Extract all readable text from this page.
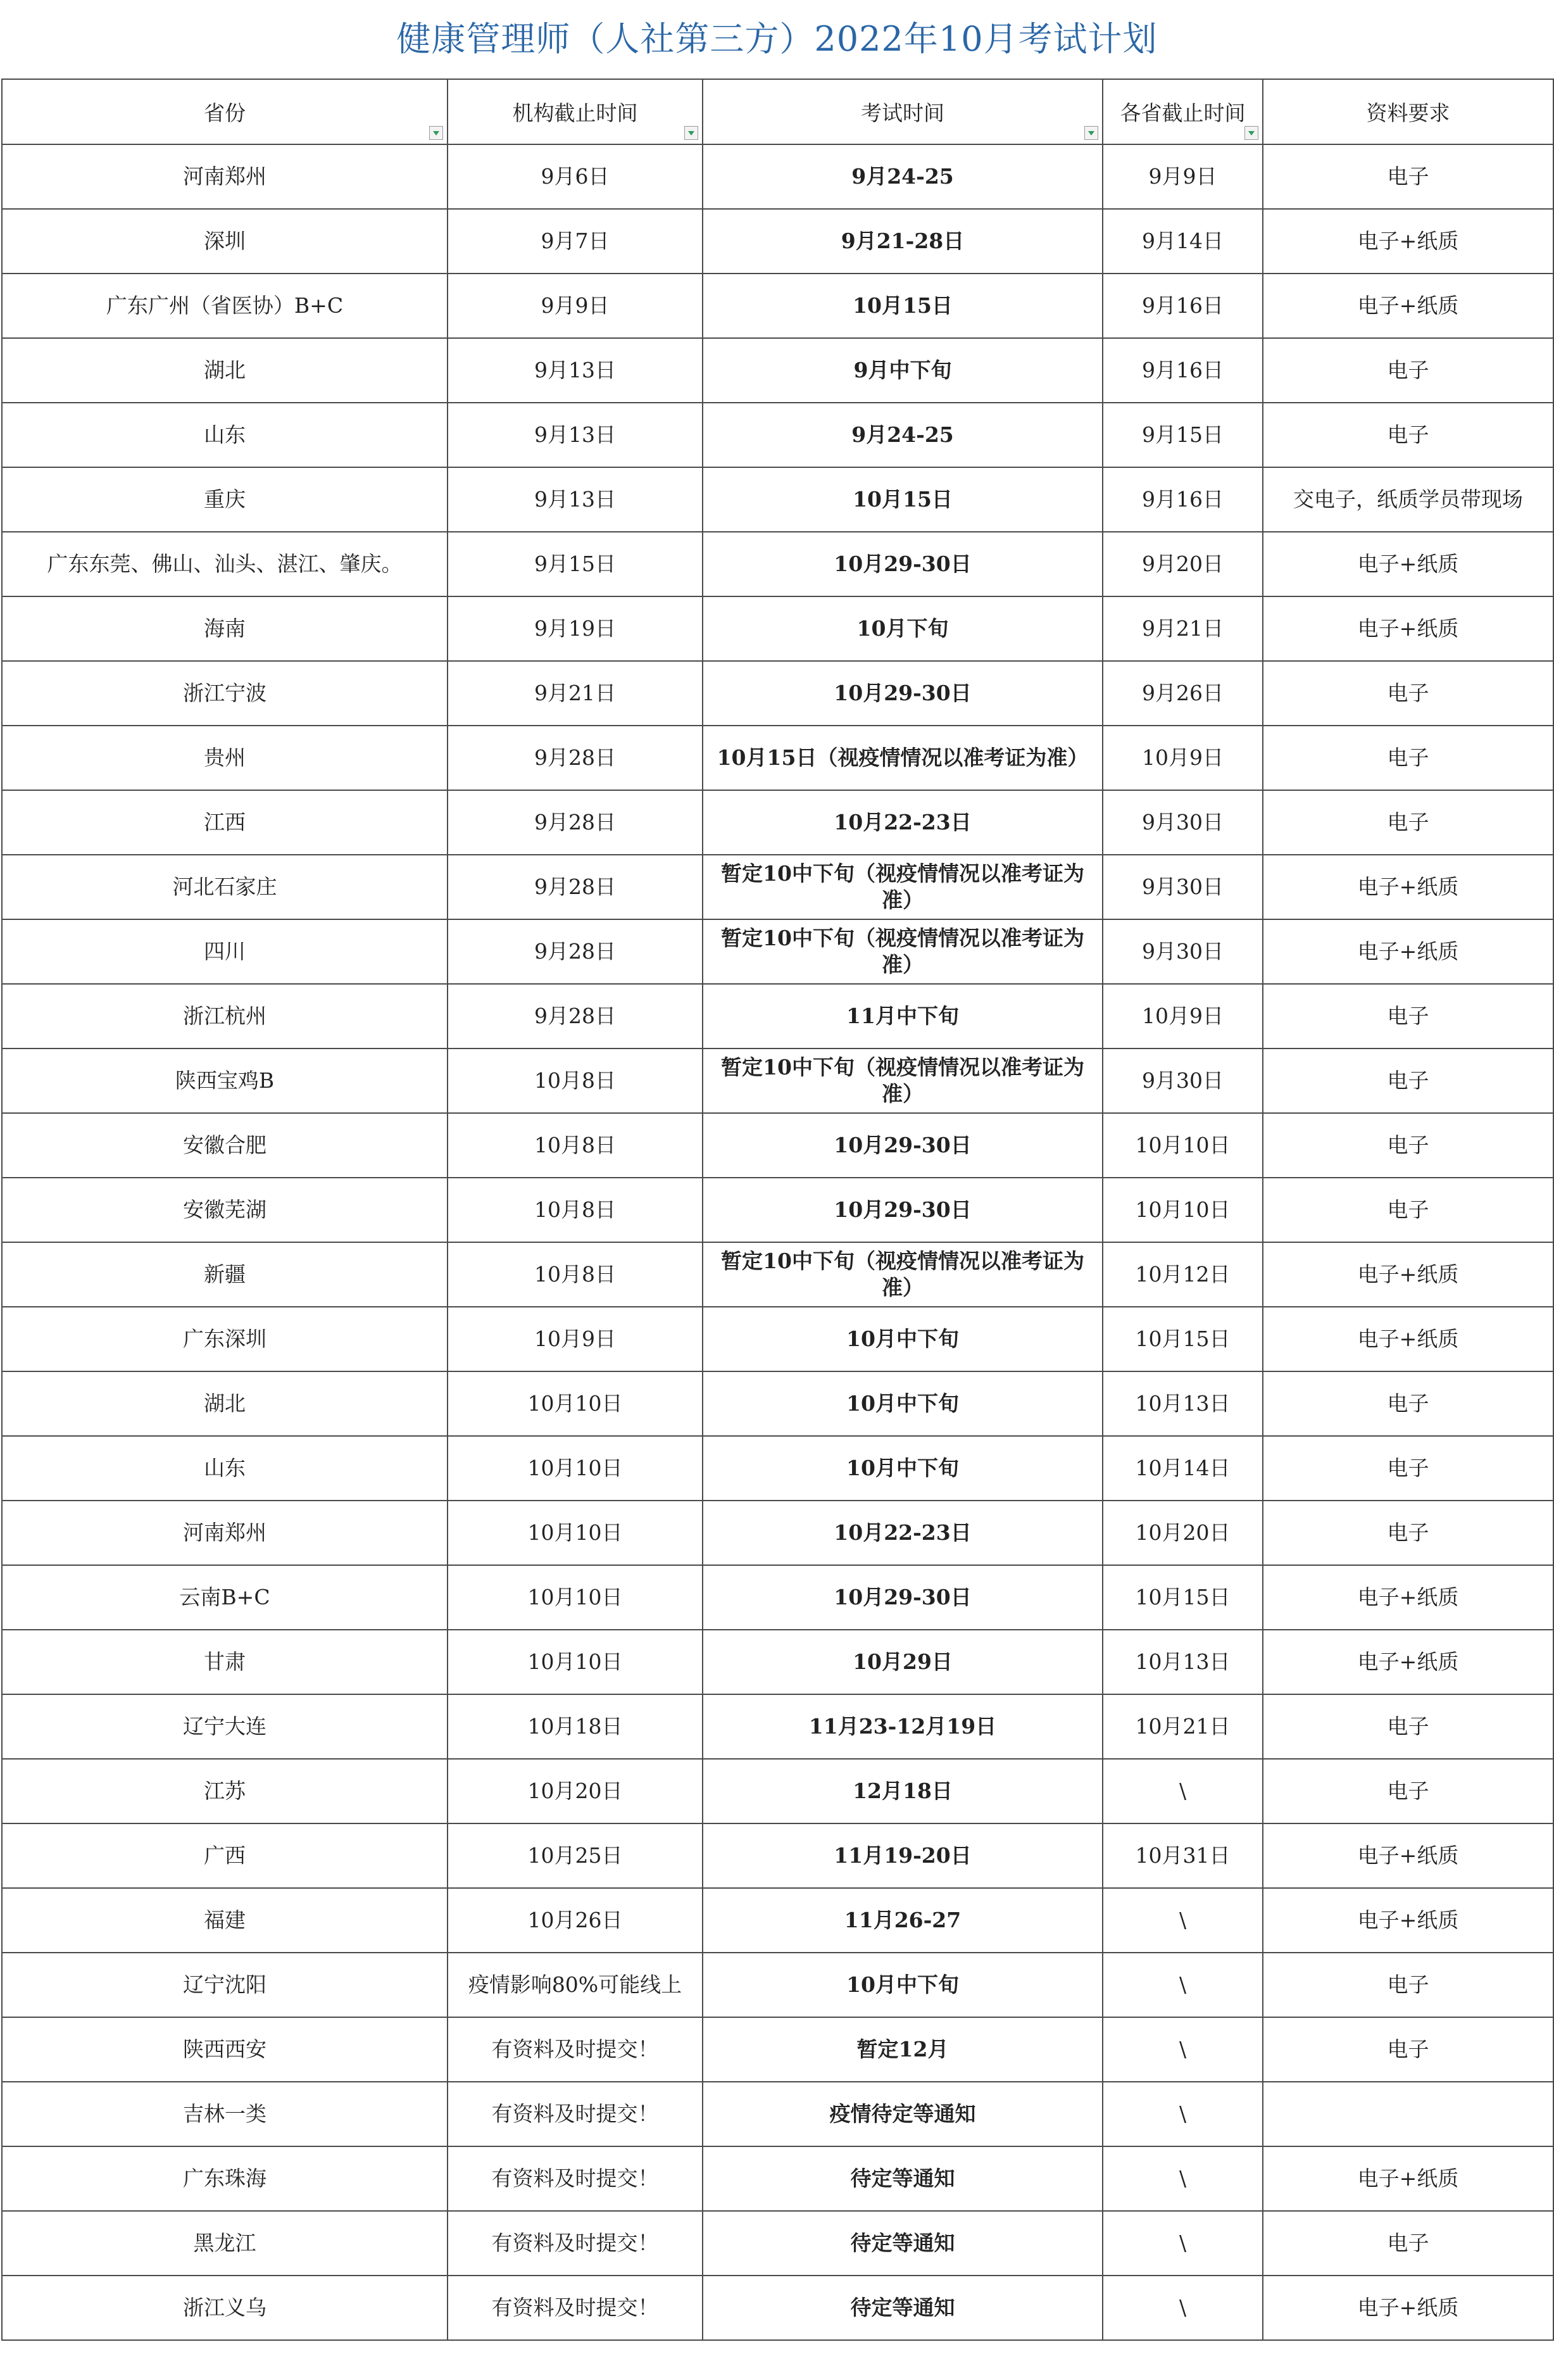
健康管理师（人社第三方）2022年10月考试计划
省份	机构截止时间	考试时间	各省截止时间	资料要求
河南郑州	9月6日	9月24-25	9月9日	电子
深圳	9月7日	9月21-28日	9月14日	电子+纸质
广东广州（省医协）B+C	9月9日	10月15日	9月16日	电子+纸质
湖北	9月13日	9月中下旬	9月16日	电子
山东	9月13日	9月24-25	9月15日	电子
重庆	9月13日	10月15日	9月16日	交电子，纸质学员带现场
广东东莞、佛山、汕头、湛江、肇庆。	9月15日	10月29-30日	9月20日	电子+纸质
海南	9月19日	10月下旬	9月21日	电子+纸质
浙江宁波	9月21日	10月29-30日	9月26日	电子
贵州	9月28日	10月15日（视疫情情况以准考证为准）	10月9日	电子
江西	9月28日	10月22-23日	9月30日	电子
河北石家庄	9月28日	暂定10中下旬（视疫情情况以准考证为准）	9月30日	电子+纸质
四川	9月28日	暂定10中下旬（视疫情情况以准考证为准）	9月30日	电子+纸质
浙江杭州	9月28日	11月中下旬	10月9日	电子
陕西宝鸡B	10月8日	暂定10中下旬（视疫情情况以准考证为准）	9月30日	电子
安徽合肥	10月8日	10月29-30日	10月10日	电子
安徽芜湖	10月8日	10月29-30日	10月10日	电子
新疆	10月8日	暂定10中下旬（视疫情情况以准考证为准）	10月12日	电子+纸质
广东深圳	10月9日	10月中下旬	10月15日	电子+纸质
湖北	10月10日	10月中下旬	10月13日	电子
山东	10月10日	10月中下旬	10月14日	电子
河南郑州	10月10日	10月22-23日	10月20日	电子
云南B+C	10月10日	10月29-30日	10月15日	电子+纸质
甘肃	10月10日	10月29日	10月13日	电子+纸质
辽宁大连	10月18日	11月23-12月19日	10月21日	电子
江苏	10月20日	12月18日	\	电子
广西	10月25日	11月19-20日	10月31日	电子+纸质
福建	10月26日	11月26-27	\	电子+纸质
辽宁沈阳	疫情影响80%可能线上	10月中下旬	\	电子
陕西西安	有资料及时提交！	暂定12月	\	电子
吉林一类	有资料及时提交！	疫情待定等通知	\	
广东珠海	有资料及时提交！	待定等通知	\	电子+纸质
黑龙江	有资料及时提交！	待定等通知	\	电子
浙江义乌	有资料及时提交！	待定等通知	\	电子+纸质
